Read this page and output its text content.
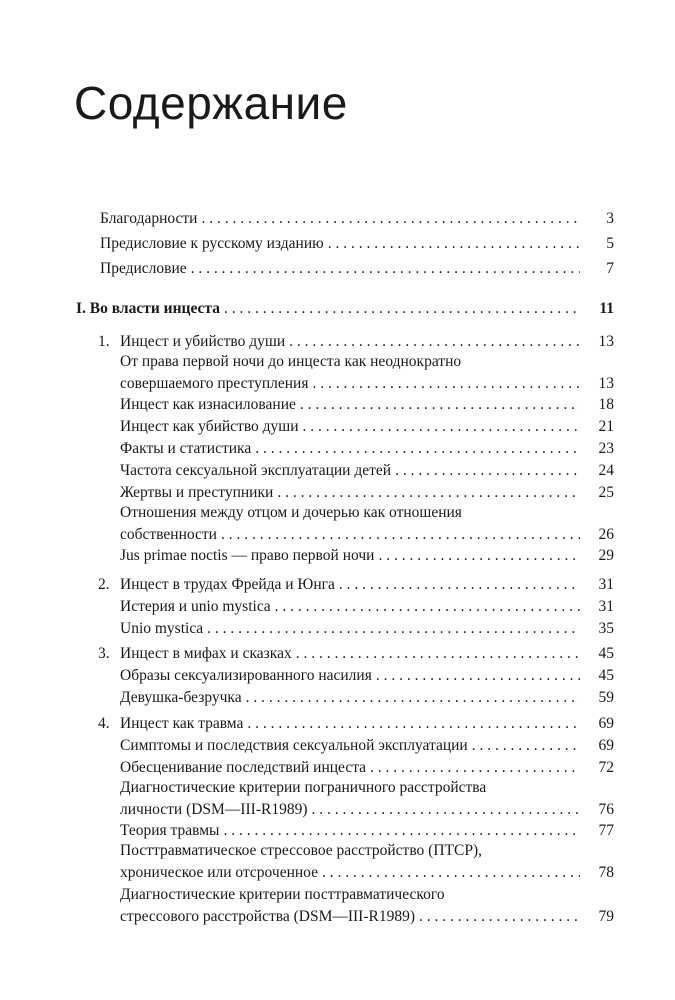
Содержание
Благодарности . . .	3
Предисловие к русскому изданию . . .	5
Предисловие . . .	7
I. Во власти инцеста . . .	11
1. Инцест и убийство души . . .	13
От права первой ночи до инцеста как неоднократно
совершаемого преступления . . .	13
Инцест как изнасилование . . .	18
Инцест как убийство души . . .	21
Факты и статистика . . .	23
Частота сексуальной эксплуатации детей . . .	24
Жертвы и преступники . . .	25
Отношения между отцом и дочерью как отношения
собственности . . .	26
Jus primae noctis — право первой ночи . . .	29
2. Инцест в трудах Фрейда и Юнга . . .	31
Истерия и unio mystica . . .	31
Unio mystica . . .	35
3. Инцест в мифах и сказках . . .	45
Образы сексуализированного насилия . . .	45
Девушка-безручка . . .	59
4. Инцест как травма . . .	69
Симптомы и последствия сексуальной эксплуатации . . .	69
Обесценивание последствий инцеста . . .	72
Диагностические критерии пограничного расстройства
личности (DSM—III-R1989) . . .	76
Теория травмы . . .	77
Посттравматическое стрессовое расстройство (ПТСР),
хроническое или отсроченное . . .	78
Диагностические критерии посттравматического
стрессового расстройства (DSM—III-R1989) . . .	79
